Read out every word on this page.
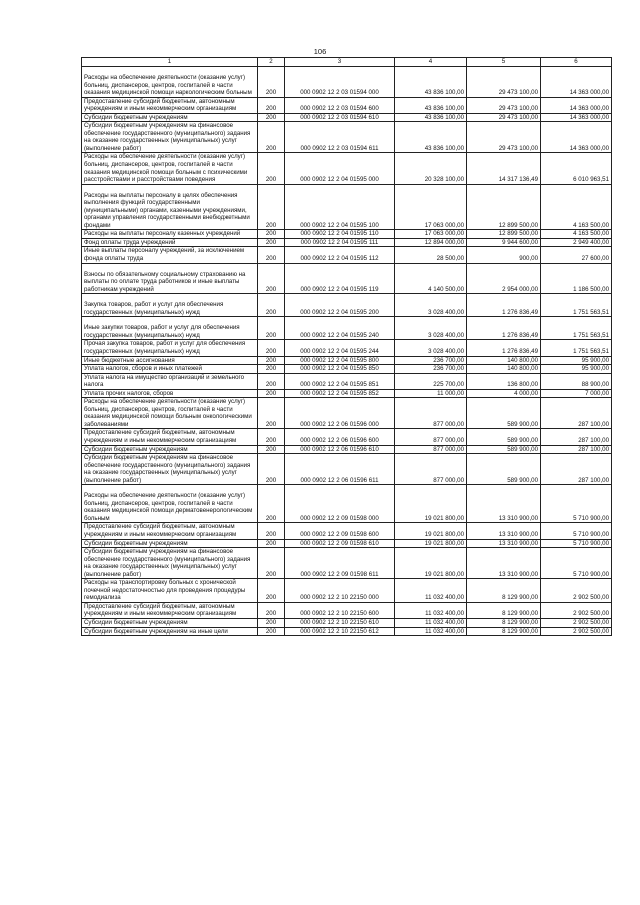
106
1	2	3	4	5	6
Расходы на обеспечение деятельности (оказание услуг) больниц, диспансеров, центров, госпиталей в части оказания медицинской помощи наркологическим больным	200	000 0902 12 2 03 01594 000	43 836 100,00	29 473 100,00	14 363 000,00
Предоставление субсидий бюджетным, автономным учреждениям и иным некоммерческим организациям	200	000 0902 12 2 03 01594 600	43 836 100,00	29 473 100,00	14 363 000,00
Субсидии бюджетным учреждениям	200	000 0902 12 2 03 01594 610	43 836 100,00	29 473 100,00	14 363 000,00
Субсидии бюджетным учреждениям на финансовое обеспечение государственного (муниципального) задания на оказание государственных (муниципальных) услуг (выполнение работ)	200	000 0902 12 2 03 01594 611	43 836 100,00	29 473 100,00	14 363 000,00
Расходы на обеспечение деятельности (оказание услуг) больниц, диспансеров, центров, госпиталей в части оказания медицинской помощи больным с психическими расстройствами и расстройствами поведения	200	000 0902 12 2 04 01595 000	20 328 100,00	14 317 136,49	6 010 963,51
Расходы на выплаты персоналу в целях обеспечения выполнения функций государственными (муниципальными) органами, казенными учреждениями, органами управления государственными внебюджетными фондами	200	000 0902 12 2 04 01595 100	17 063 000,00	12 899 500,00	4 163 500,00
Расходы на выплаты персоналу казенных учреждений	200	000 0902 12 2 04 01595 110	17 063 000,00	12 899 500,00	4 163 500,00
Фонд оплаты труда учреждений	200	000 0902 12 2 04 01595 111	12 894 000,00	9 944 600,00	2 949 400,00
Иные выплаты персоналу учреждений, за исключением фонда оплаты труда	200	000 0902 12 2 04 01595 112	28 500,00	900,00	27 600,00
Взносы по обязательному социальному страхованию на выплаты по оплате труда работников и иные выплаты работникам учреждений	200	000 0902 12 2 04 01595 119	4 140 500,00	2 954 000,00	1 186 500,00
Закупка товаров, работ и услуг для обеспечения государственных (муниципальных) нужд	200	000 0902 12 2 04 01595 200	3 028 400,00	1 276 836,49	1 751 563,51
Иные закупки товаров, работ и услуг для обеспечения государственных (муниципальных) нужд	200	000 0902 12 2 04 01595 240	3 028 400,00	1 276 836,49	1 751 563,51
Прочая закупка товаров, работ и услуг для обеспечения государственных (муниципальных) нужд	200	000 0902 12 2 04 01595 244	3 028 400,00	1 276 836,49	1 751 563,51
Иные бюджетные ассигнования	200	000 0902 12 2 04 01595 800	236 700,00	140 800,00	95 900,00
Уплата налогов, сборов и иных платежей	200	000 0902 12 2 04 01595 850	236 700,00	140 800,00	95 900,00
Уплата налога на имущество организаций и земельного налога	200	000 0902 12 2 04 01595 851	225 700,00	136 800,00	88 900,00
Уплата прочих налогов, сборов	200	000 0902 12 2 04 01595 852	11 000,00	4 000,00	7 000,00
Расходы на обеспечение деятельности (оказание услуг) больниц, диспансеров, центров, госпиталей в части оказания медицинской помощи больным онкологическими заболеваниями	200	000 0902 12 2 06 01596 000	877 000,00	589 900,00	287 100,00
Предоставление субсидий бюджетным, автономным учреждениям и иным некоммерческим организациям	200	000 0902 12 2 06 01596 600	877 000,00	589 900,00	287 100,00
Субсидии бюджетным учреждениям	200	000 0902 12 2 06 01596 610	877 000,00	589 900,00	287 100,00
Субсидии бюджетным учреждениям на финансовое обеспечение государственного (муниципального) задания на оказание государственных (муниципальных) услуг (выполнение работ)	200	000 0902 12 2 06 01596 611	877 000,00	589 900,00	287 100,00
Расходы на обеспечение деятельности (оказание услуг) больниц, диспансеров, центров, госпиталей в части оказания медицинской помощи дерматовенерологическим больным	200	000 0902 12 2 09 01598 000	19 021 800,00	13 310 900,00	5 710 900,00
Предоставление субсидий бюджетным, автономным учреждениям и иным некоммерческим организациям	200	000 0902 12 2 09 01598 600	19 021 800,00	13 310 900,00	5 710 900,00
Субсидии бюджетным учреждениям	200	000 0902 12 2 09 01598 610	19 021 800,00	13 310 900,00	5 710 900,00
Субсидии бюджетным учреждениям на финансовое обеспечение государственного (муниципального) задания на оказание государственных (муниципальных) услуг (выполнение работ)	200	000 0902 12 2 09 01598 611	19 021 800,00	13 310 900,00	5 710 900,00
Расходы на транспортировку больных с хронической почечной недостаточностью для проведения процедуры гемодиализа	200	000 0902 12 2 10 22150 000	11 032 400,00	8 129 900,00	2 902 500,00
Предоставление субсидий бюджетным, автономным учреждениям и иным некоммерческим организациям	200	000 0902 12 2 10 22150 600	11 032 400,00	8 129 900,00	2 902 500,00
Субсидии бюджетным учреждениям	200	000 0902 12 2 10 22150 610	11 032 400,00	8 129 900,00	2 902 500,00
Субсидии бюджетным учреждениям на иные цели	200	000 0902 12 2 10 22150 612	11 032 400,00	8 129 900,00	2 902 500,00
